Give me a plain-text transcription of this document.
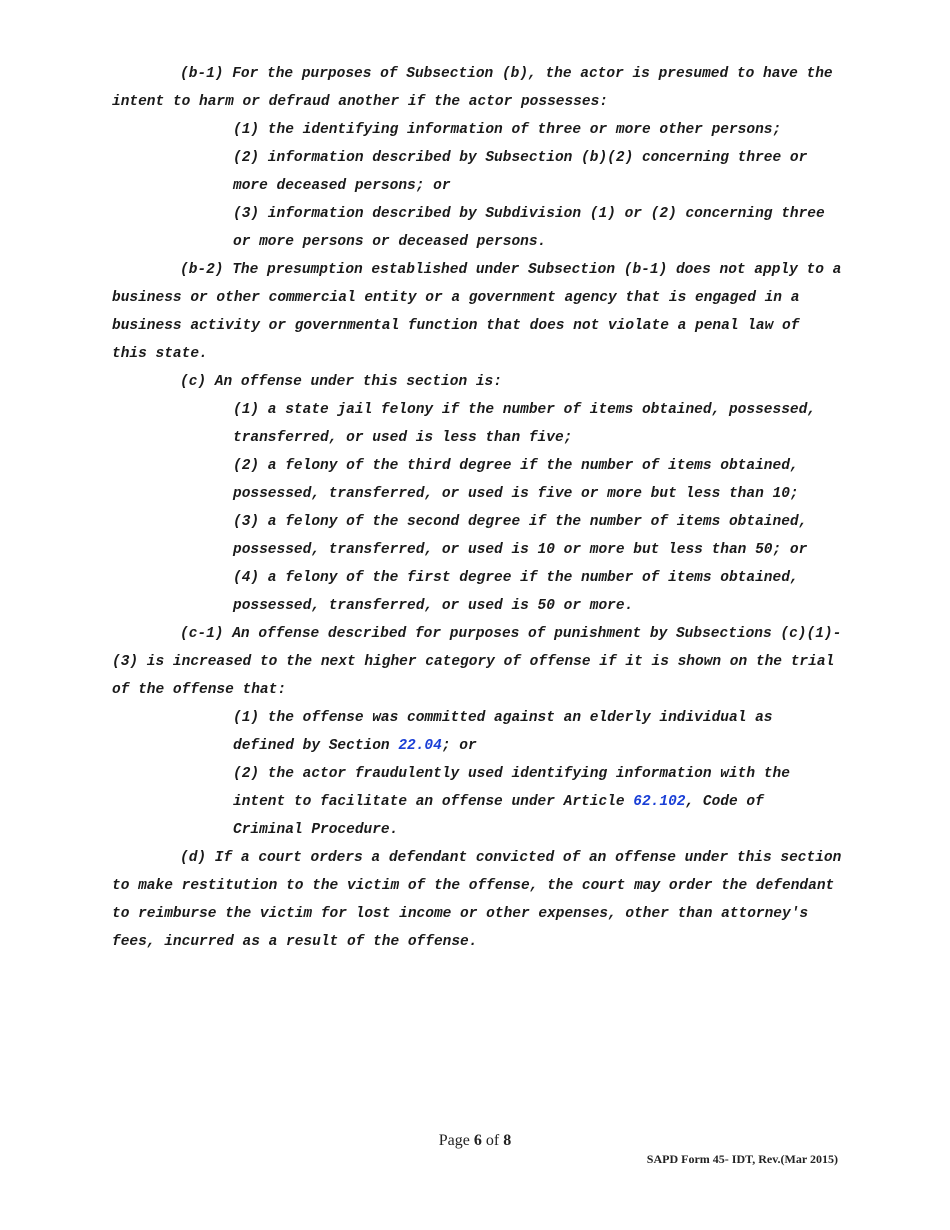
(b-1) For the purposes of Subsection (b), the actor is presumed to have the intent to harm or defraud another if the actor possesses:

(1) the identifying information of three or more other persons;

(2) information described by Subsection (b)(2) concerning three or more deceased persons; or

(3) information described by Subdivision (1) or (2) concerning three or more persons or deceased persons.

(b-2) The presumption established under Subsection (b-1) does not apply to a business or other commercial entity or a government agency that is engaged in a business activity or governmental function that does not violate a penal law of this state.

(c) An offense under this section is:

(1) a state jail felony if the number of items obtained, possessed, transferred, or used is less than five;

(2) a felony of the third degree if the number of items obtained, possessed, transferred, or used is five or more but less than 10;

(3) a felony of the second degree if the number of items obtained, possessed, transferred, or used is 10 or more but less than 50; or

(4) a felony of the first degree if the number of items obtained, possessed, transferred, or used is 50 or more.

(c-1) An offense described for purposes of punishment by Subsections (c)(1)-(3) is increased to the next higher category of offense if it is shown on the trial of the offense that:

(1) the offense was committed against an elderly individual as defined by Section 22.04; or

(2) the actor fraudulently used identifying information with the intent to facilitate an offense under Article 62.102, Code of Criminal Procedure.

(d) If a court orders a defendant convicted of an offense under this section to make restitution to the victim of the offense, the court may order the defendant to reimburse the victim for lost income or other expenses, other than attorney's fees, incurred as a result of the offense.

Page 6 of 8
SAPD Form 45- IDT, Rev.(Mar 2015)
